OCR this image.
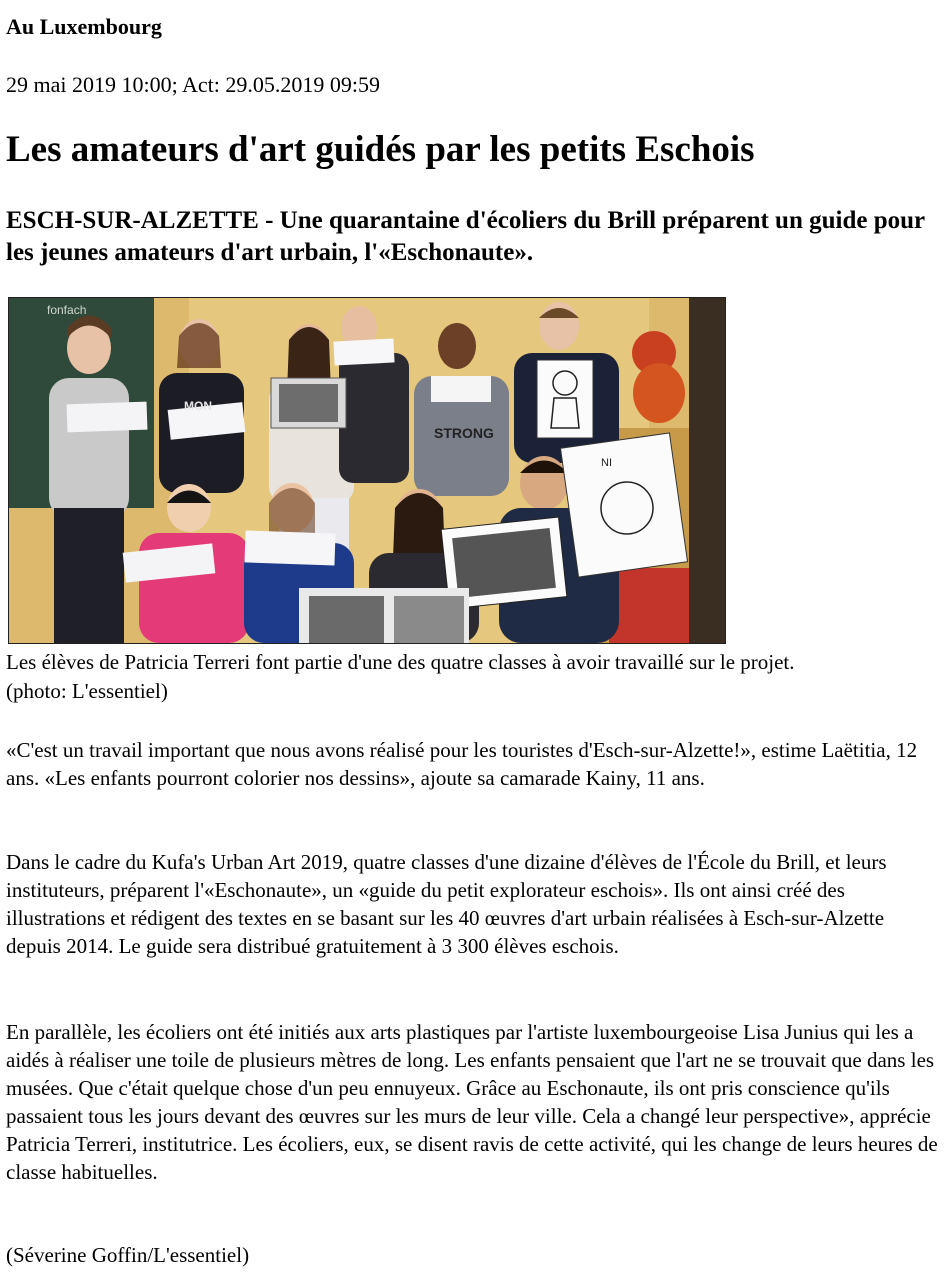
Au Luxembourg
29 mai 2019 10:00; Act: 29.05.2019 09:59
Les amateurs d'art guidés par les petits Eschois
ESCH-SUR-ALZETTE - Une quarantaine d'écoliers du Brill préparent un guide pour les jeunes amateurs d'art urbain, l'«Eschonaute».
fonfach
NI
MON
STRONG
Les élèves de Patricia Terreri font partie d'une des quatre classes à avoir travaillé sur le projet.
(photo: L'essentiel)

«C'est un travail important que nous avons réalisé pour les touristes d'Esch-sur-Alzette!», estime Laëtitia, 12 ans. «Les enfants pourront colorier nos dessins», ajoute sa camarade Kainy, 11 ans.

Dans le cadre du Kufa's Urban Art 2019, quatre classes d'une dizaine d'élèves de l'École du Brill, et leurs instituteurs, préparent l'«Eschonaute», un «guide du petit explorateur eschois». Ils ont ainsi créé des illustrations et rédigent des textes en se basant sur les 40 œuvres d'art urbain réalisées à Esch-sur-Alzette depuis 2014. Le guide sera distribué gratuitement à 3 300 élèves eschois.

En parallèle, les écoliers ont été initiés aux arts plastiques par l'artiste luxembourgeoise Lisa Junius qui les a aidés à réaliser une toile de plusieurs mètres de long. Les enfants pensaient que l'art ne se trouvait que dans les musées. Que c'était quelque chose d'un peu ennuyeux. Grâce au Eschonaute, ils ont pris conscience qu'ils passaient tous les jours devant des œuvres sur les murs de leur ville. Cela a changé leur perspective», apprécie Patricia Terreri, institutrice. Les écoliers, eux, se disent ravis de cette activité, qui les change de leurs heures de classe habituelles.

(Séverine Goffin/L'essentiel)
